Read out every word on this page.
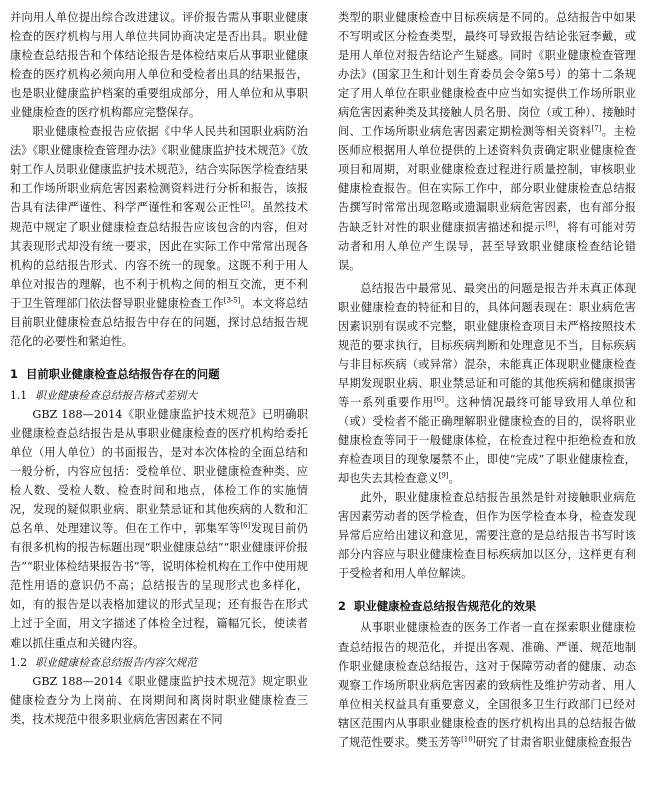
并向用人单位提出综合改进建议。评价报告需从事职业健康检查的医疗机构与用人单位共同协商决定是否出具。职业健康检查总结报告和个体结论报告是体检结束后从事职业健康检查的医疗机构必须向用人单位和受检者出具的结果报告，也是职业健康监护档案的重要组成部分，用人单位和从事职业健康检查的医疗机构都应完整保存。

职业健康检查报告应依据《中华人民共和国职业病防治法》《职业健康检查管理办法》《职业健康监护技术规范》《放射工作人员职业健康监护技术规范》，结合实际医学检查结果和工作场所职业病危害因素检测资料进行分析和报告，该报告具有法律严谨性、科学严谨性和客观公正性[2]。虽然技术规范中规定了职业健康检查总结报告应该包含的内容，但对其表现形式却没有统一要求，因此在实际工作中常常出现各机构的总结报告形式、内容不统一的现象。这既不利于用人单位对报告的理解，也不利于机构之间的相互交流，更不利于卫生管理部门依法督导职业健康检查工作[3-5]。本文将总结目前职业健康检查总结报告中存在的问题，探讨总结报告规范化的必要性和紧迫性。

1 目前职业健康检查总结报告存在的问题
1.1 职业健康检查总结报告格式差别大

GBZ 188—2014《职业健康监护技术规范》已明确职业健康检查总结报告是从事职业健康检查的医疗机构给委托单位（用人单位）的书面报告，是对本次体检的全面总结和一般分析，内容应包括：受检单位、职业健康检查种类、应检人数、受检人数、检查时间和地点，体检工作的实施情况，发现的疑似职业病、职业禁忌证和其他疾病的人数和汇总名单、处理建议等。但在工作中，郭集军等[6]发现目前仍有很多机构的报告标题出现“职业健康总结”“职业健康评价报告”“职业体检结果报告书”等，说明体检机构在工作中使用规范性用语的意识仍不高；总结报告的呈现形式也多样化，如，有的报告是以表格加建议的形式呈现；还有报告在形式上过于全面，用文字描述了体检全过程，篇幅冗长，使读者难以抓住重点和关键内容。

1.2 职业健康检查总结报告内容欠规范

GBZ 188—2014《职业健康监护技术规范》规定职业健康检查分为上岗前、在岗期间和离岗时职业健康检查三类，技术规范中很多职业病危害因素在不同

类型的职业健康检查中目标疾病是不同的。总结报告中如果不写明或区分检查类型，最终可导致报告结论张冠李戴，或是用人单位对报告结论产生疑惑。同时《职业健康检查管理办法》(国家卫生和计划生育委员会令第5号）的第十二条规定了用人单位在职业健康检查中应当如实提供工作场所职业病危害因素种类及其接触人员名册、岗位（或工种）、接触时间、工作场所职业病危害因素定期检测等相关资料[7]。主检医师应根据用人单位提供的上述资料负责确定职业健康检查项目和周期，对职业健康检查过程进行质量控制，审核职业健康检查报告。但在实际工作中，部分职业健康检查总结报告撰写时常常出现忽略或遗漏职业病危害因素，也有部分报告缺乏针对性的职业健康损害描述和提示[8]，将有可能对劳动者和用人单位产生误导，甚至导致职业健康检查结论错误。

总结报告中最常见、最突出的问题是报告并未真正体现职业健康检查的特征和目的，具体问题表现在：职业病危害因素识别有误或不完整，职业健康检查项目未严格按照技术规范的要求执行，目标疾病判断和处理意见不当，目标疾病与非目标疾病（或异常）混杂，未能真正体现职业健康检查早期发现职业病、职业禁忌证和可能的其他疾病和健康损害等一系列重要作用[6]。这种情况最终可能导致用人单位和（或）受检者不能正确理解职业健康检查的目的，误将职业健康检查等同于一般健康体检，在检查过程中拒绝检查和放弃检查项目的现象屡禁不止，即使“完成”了职业健康检查，却也失去其检查意义[9]。

此外，职业健康检查总结报告虽然是针对接触职业病危害因素劳动者的医学检查，但作为医学检查本身，检查发现异常后应给出建议和意见，需要注意的是总结报告书写时该部分内容应与职业健康检查目标疾病加以区分，这样更有利于受检者和用人单位解读。

2 职业健康检查总结报告规范化的效果

从事职业健康检查的医务工作者一直在探索职业健康检查总结报告的规范化，并提出客观、准确、严谨、规范地制作职业健康检查总结报告，这对于保障劳动者的健康、动态观察工作场所职业病危害因素的致病性及维护劳动者、用人单位相关权益具有重要意义，全国很多卫生行政部门已经对辖区范围内从事职业健康检查的医疗机构出具的总结报告做了规范性要求。樊玉芳等[10]研究了甘肃省职业健康检查报告
